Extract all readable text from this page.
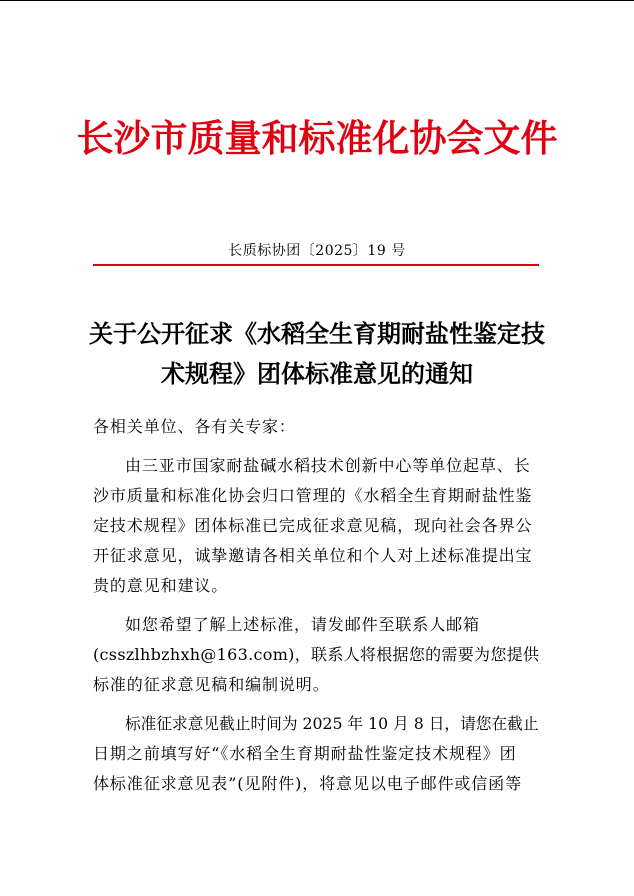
长沙市质量和标准化协会文件
长质标协团〔2025〕19 号
关于公开征求《水稻全生育期耐盐性鉴定技
术规程》团体标准意见的通知
各相关单位、各有关专家：

由三亚市国家耐盐碱水稻技术创新中心等单位起草、长
沙市质量和标准化协会归口管理的《水稻全生育期耐盐性鉴
定技术规程》团体标准已完成征求意见稿，现向社会各界公
开征求意见，诚挚邀请各相关单位和个人对上述标准提出宝
贵的意见和建议。

如您希望了解上述标准，请发邮件至联系人邮箱
(csszlhbzhxh@163.com)，联系人将根据您的需要为您提供
标准的征求意见稿和编制说明。

标准征求意见截止时间为 2025 年 10 月 8 日，请您在截止
日期之前填写好“《水稻全生育期耐盐性鉴定技术规程》团
体标准征求意见表”(见附件)，将意见以电子邮件或信函等
